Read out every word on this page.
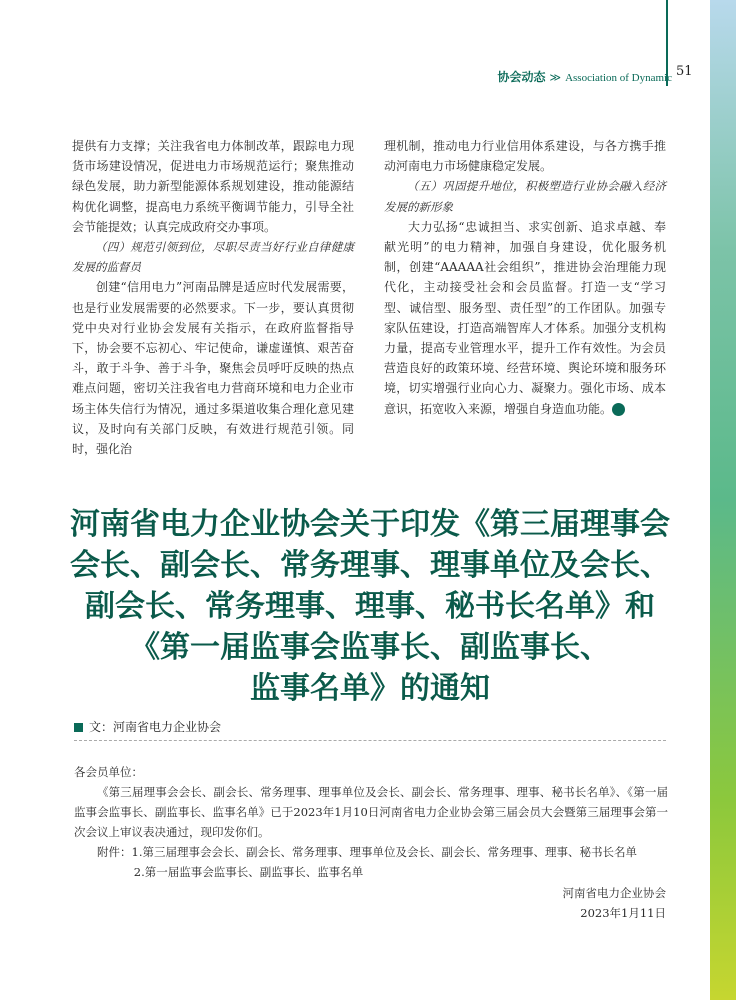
协会动态 ≫ Association of Dynamic 51

提供有力支撑；关注我省电力体制改革，跟踪电力现货市场建设情况，促进电力市场规范运行；聚焦推动绿色发展，助力新型能源体系规划建设，推动能源结构优化调整，提高电力系统平衡调节能力，引导全社会节能提效；认真完成政府交办事项。

（四）规范引领到位，尽职尽责当好行业自律健康发展的监督员

创建“信用电力”河南品牌是适应时代发展需要，也是行业发展需要的必然要求。下一步，要认真贯彻党中央对行业协会发展有关指示，在政府监督指导下，协会要不忘初心、牢记使命，谦虚谨慎、艰苦奋斗，敢于斗争、善于斗争，聚焦会员呼吁反映的热点难点问题，密切关注我省电力营商环境和电力企业市场主体失信行为情况，通过多渠道收集合理化意见建议，及时向有关部门反映，有效进行规范引领。同时，强化治

理机制，推动电力行业信用体系建设，与各方携手推动河南电力市场健康稳定发展。

（五）巩固提升地位，积极塑造行业协会融入经济发展的新形象

大力弘扬“忠诚担当、求实创新、追求卓越、奉献光明”的电力精神，加强自身建设，优化服务机制，创建“AAAAA社会组织”，推进协会治理能力现代化，主动接受社会和会员监督。打造一支“学习型、诚信型、服务型、责任型”的工作团队。加强专家队伍建设，打造高端智库人才体系。加强分支机构力量，提高专业管理水平，提升工作有效性。为会员营造良好的政策环境、经营环境、舆论环境和服务环境，切实增强行业向心力、凝聚力。强化市场、成本意识，拓宽收入来源，增强自身造血功能。	C

河南省电力企业协会关于印发《第三届理事会
会长、副会长、常务理事、理事单位及会长、
副会长、常务理事、理事、秘书长名单》和
《第一届监事会监事长、副监事长、
监事名单》的通知
文：河南省电力企业协会

各会员单位：

《第三届理事会会长、副会长、常务理事、理事单位及会长、副会长、常务理事、理事、秘书长名单》、《第一届监事会监事长、副监事长、监事名单》已于2023年1月10日河南省电力企业协会第三届会员大会暨第三届理事会第一次会议上审议表决通过，现印发你们。

附件：1.第三届理事会会长、副会长、常务理事、理事单位及会长、副会长、常务理事、理事、秘书长名单

2.第一届监事会监事长、副监事长、监事名单

河南省电力企业协会
2023年1月11日
